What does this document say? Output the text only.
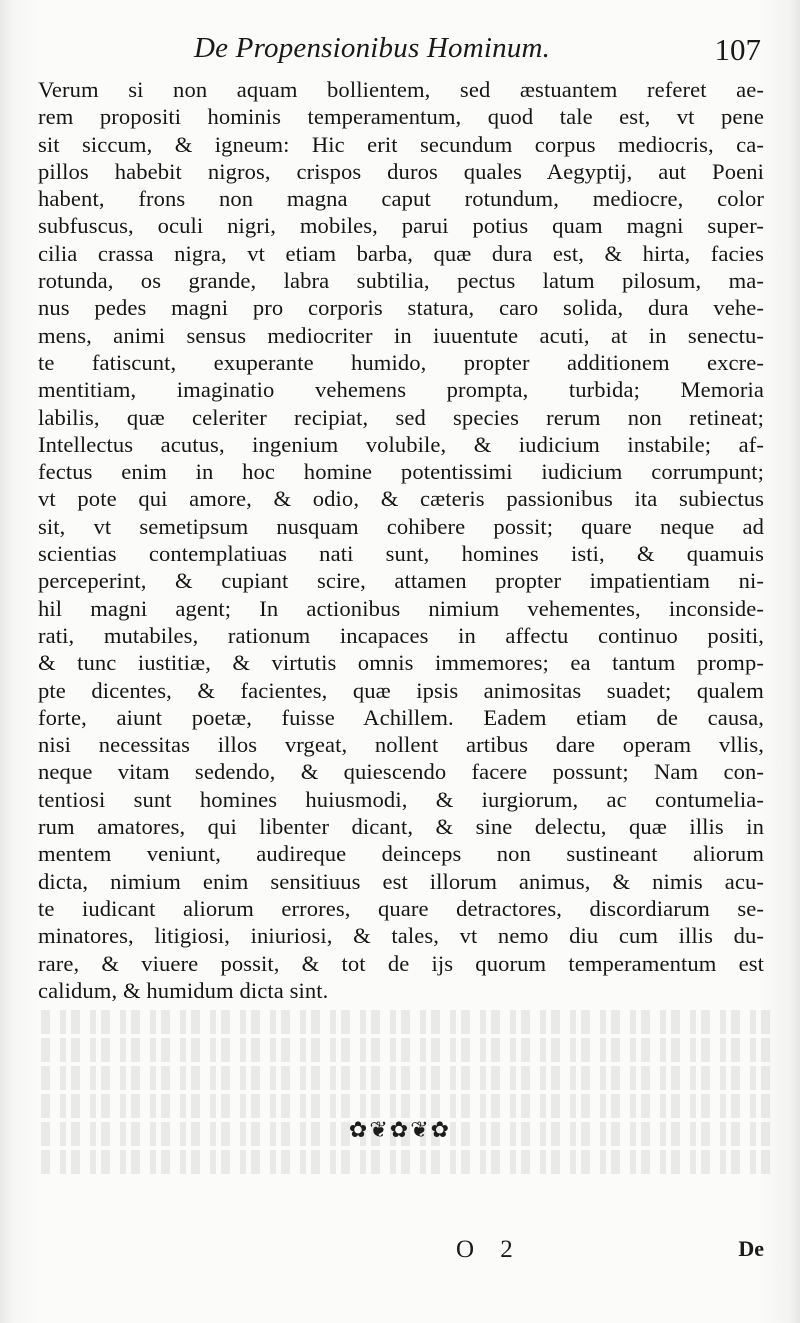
De Propensionibus Hominum.	107
Verum si non aquam bollientem, sed æstuantem referet ae-
rem propositi hominis temperamentum, quod tale est, vt pene
sit siccum, & igneum: Hic erit secundum corpus mediocris, ca-
pillos habebit nigros, crispos duros quales Aegyptij, aut Poeni
habent, frons non magna caput rotundum, mediocre, color
subfuscus, oculi nigri, mobiles, parui potius quam magni super-
cilia crassa nigra, vt etiam barba, quæ dura est, & hirta, facies
rotunda, os grande, labra subtilia, pectus latum pilosum, ma-
nus pedes magni pro corporis statura, caro solida, dura vehe-
mens, animi sensus mediocriter in iuuentute acuti, at in senectu-
te fatiscunt, exuperante humido, propter additionem excre-
mentitiam, imaginatio vehemens prompta, turbida; Memoria
labilis, quæ celeriter recipiat, sed species rerum non retineat;
Intellectus acutus, ingenium volubile, & iudicium instabile; af-
fectus enim in hoc homine potentissimi iudicium corrumpunt;
vt pote qui amore, & odio, & cæteris passionibus ita subiectus
sit, vt semetipsum nusquam cohibere possit; quare neque ad
scientias contemplatiuas nati sunt, homines isti, & quamuis
perceperint, & cupiant scire, attamen propter impatientiam ni-
hil magni agent; In actionibus nimium vehementes, inconside-
rati, mutabiles, rationum incapaces in affectu continuo positi,
& tunc iustitiæ, & virtutis omnis immemores; ea tantum promp-
pte dicentes, & facientes, quæ ipsis animositas suadet; qualem
forte, aiunt poetæ, fuisse Achillem. Eadem etiam de causa,
nisi necessitas illos vrgeat, nollent artibus dare operam vllis,
neque vitam sedendo, & quiescendo facere possunt; Nam con-
tentiosi sunt homines huiusmodi, & iurgiorum, ac contumelia-
rum amatores, qui libenter dicant, & sine delectu, quæ illis in
mentem veniunt, audireque deinceps non sustineant aliorum
dicta, nimium enim sensitiuus est illorum animus, & nimis acu-
te iudicant aliorum errores, quare detractores, discordiarum se-
minatores, litigiosi, iniuriosi, & tales, vt nemo diu cum illis du-
rare, & viuere possit, & tot de ijs quorum temperamentum est
calidum, & humidum dicta sint.
✿❦✿❦✿
O 2	De
